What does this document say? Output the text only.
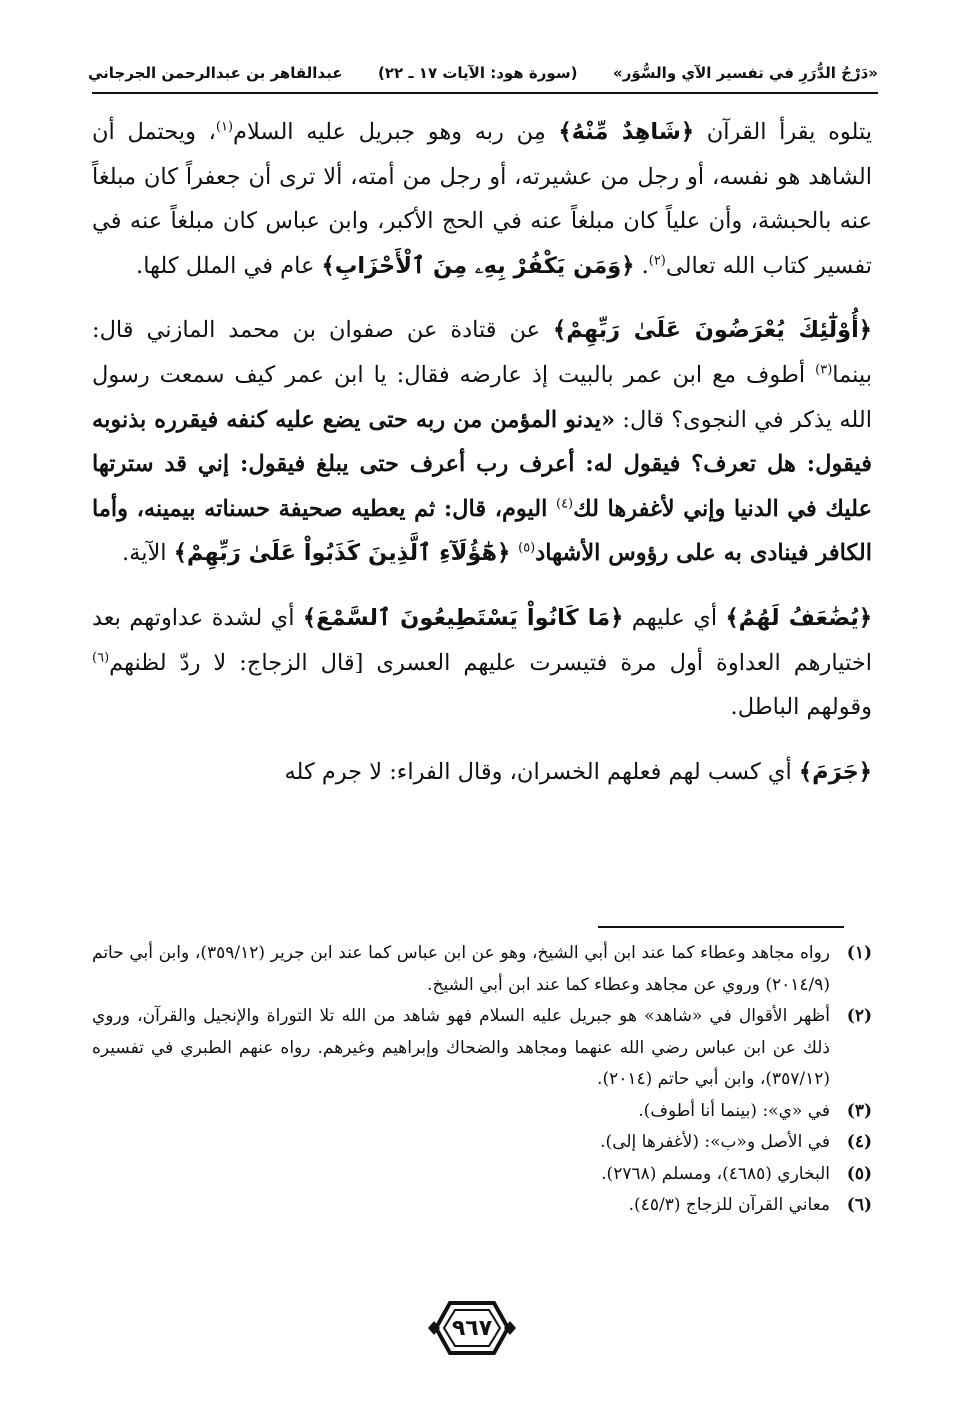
«دَرْجُ الدُّرَرِ في تفسير الآي والسُّوَر»
(سورة هود: الآيات ١٧ ـ ٢٢)
عبدالقاهر بن عبدالرحمن الجرجاني

يتلوه يقرأ القرآن ﴿شَاهِدٌ مِّنْهُ﴾ مِن ربه وهو جبريل عليه السلام$^{(١)}$، ويحتمل أن الشاهد هو نفسه، أو رجل من عشيرته، أو رجل من أمته، ألا ترى أن جعفراً كان مبلغاً عنه بالحبشة، وأن علياً كان مبلغاً عنه في الحج الأكبر، وابن عباس كان مبلغاً عنه في تفسير كتاب الله تعالى$^{(٢)}$. ﴿وَمَن يَكْفُرْ بِهِۦ مِنَ ٱلْأَحْزَابِ﴾ عام في الملل كلها.

﴿أُوْلَٰٓئِكَ يُعْرَضُونَ عَلَىٰ رَبِّهِمْ﴾ عن قتادة عن صفوان بن محمد المازني قال: بينما$^{(٣)}$ أطوف مع ابن عمر بالبيت إذ عارضه فقال: يا ابن عمر كيف سمعت رسول الله يذكر في النجوى؟ قال: «يدنو المؤمن من ربه حتى يضع عليه كنفه فيقرره بذنوبه فيقول: هل تعرف؟ فيقول له: أعرف رب أعرف حتى يبلغ فيقول: إني قد سترتها عليك في الدنيا وإني لأغفرها لك$^{(٤)}$ اليوم، قال: ثم يعطيه صحيفة حسناته بيمينه، وأما الكافر فينادى به على رؤوس الأشهاد$^{(٥)}$ ﴿هَٰٓؤُلَآءِ ٱلَّذِينَ كَذَبُواْ عَلَىٰ رَبِّهِمْ﴾ الآية.

﴿يُضَٰعَفُ لَهُمُ﴾ أي عليهم ﴿مَا كَانُواْ يَسْتَطِيعُونَ ٱلسَّمْعَ﴾ أي لشدة عداوتهم بعد اختيارهم العداوة أول مرة فتيسرت عليهم العسرى [قال الزجاج: لا ردّ لظنهم$^{(٦)}$ وقولهم الباطل.

﴿جَرَمَ﴾ أي كسب لهم فعلهم الخسران، وقال الفراء: لا جرم كله

(١)
رواه مجاهد وعطاء كما عند ابن أبي الشيخ، وهو عن ابن عباس كما عند ابن جرير (٣٥٩/١٢)، وابن أبي حاتم (٢٠١٤/٩) وروي عن مجاهد وعطاء كما عند ابن أبي الشيخ.
(٢)
أظهر الأقوال في «شاهد» هو جبريل عليه السلام فهو شاهد من الله تلا التوراة والإنجيل والقرآن، وروي ذلك عن ابن عباس رضي الله عنهما ومجاهد والضحاك وإبراهيم وغيرهم. رواه عنهم الطبري في تفسيره (٣٥٧/١٢)، وابن أبي حاتم (٢٠١٤).
(٣)
في «ي»: (بينما أنا أطوف).
(٤)
في الأصل و«ب»: (لأغفرها إلى).
(٥)
البخاري (٤٦٨٥)، ومسلم (٢٧٦٨).
(٦)
معاني القرآن للزجاج (٤٥/٣).
٩٦٧
